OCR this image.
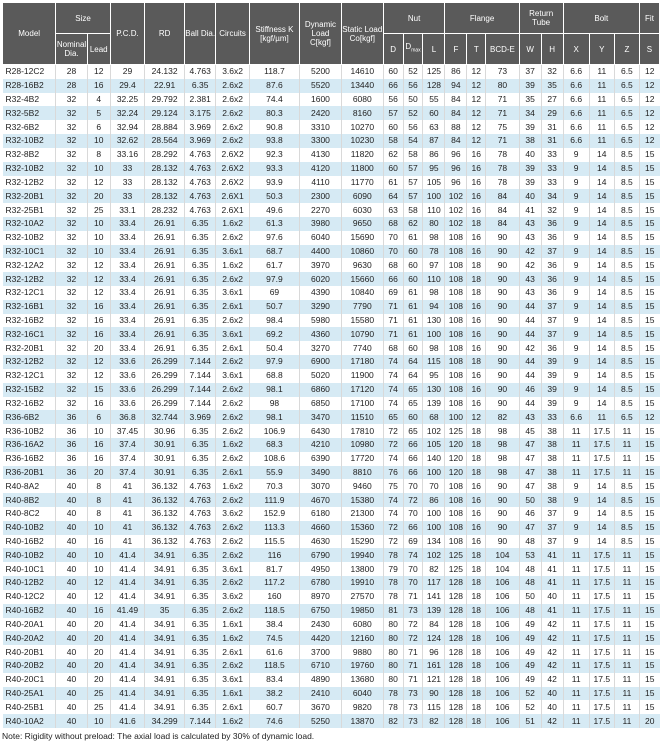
Model	Size		P.C.D.	RD	Ball Dia.	Circuits	Stiffness K [kgf/µm]	Dynamic Load C[kgf]	Static Load Co[kgf]	Nut			Flange			Return Tube		Bolt			Fit
	Nominal Dia.	Lead								D	$D_{max}$	L	F	T	BCD-E	W	H	X	Y	Z	S
R28-12C2	28	12	29	24.132	4.763	3.6x2	118.7	5200	14610	60	52	125	86	12	73	37	32	6.6	11	6.5	12
R28-16B2	28	16	29.4	22.91	6.35	2.6x2	87.6	5520	13440	66	56	128	94	12	80	39	35	6.6	11	6.5	12
R32-4B2	32	4	32.25	29.792	2.381	2.6x2	74.4	1600	6080	56	50	55	84	12	71	35	27	6.6	11	6.5	12
R32-5B2	32	5	32.24	29.124	3.175	2.6x2	80.3	2420	8160	57	52	60	84	12	71	34	29	6.6	11	6.5	12
R32-6B2	32	6	32.94	28.884	3.969	2.6x2	90.8	3310	10270	60	56	63	88	12	75	39	31	6.6	11	6.5	12
R32-10B2	32	10	32.62	28.564	3.969	2.6x2	93.8	3300	10230	58	54	87	84	12	71	38	31	6.6	11	6.5	12
R32-8B2	32	8	33.16	28.292	4.763	2.6X2	92.3	4130	11820	62	58	86	96	16	78	40	33	9	14	8.5	15
R32-10B2	32	10	33	28.132	4.763	2.6X2	93.3	4120	11800	60	57	95	96	16	78	39	33	9	14	8.5	15
R32-12B2	32	12	33	28.132	4.763	2.6X2	93.9	4110	11770	61	57	105	96	16	78	39	33	9	14	8.5	15
R32-20B1	32	20	33	28.132	4.763	2.6X1	50.3	2300	6090	64	57	100	102	16	84	40	34	9	14	8.5	15
R32-25B1	32	25	33.1	28.232	4.763	2.6X1	49.6	2270	6030	63	58	110	102	16	84	41	32	9	14	8.5	15
R32-10A2	32	10	33.4	26.91	6.35	1.6x2	61.3	3980	9650	68	62	80	102	18	84	43	36	9	14	8.5	15
R32-10B2	32	10	33.4	26.91	6.35	2.6x2	97.6	6040	15690	70	61	98	108	16	90	43	36	9	14	8.5	15
R32-10C1	32	10	33.4	26.91	6.35	3.6x1	68.7	4400	10860	70	60	78	108	16	90	42	37	9	14	8.5	15
R32-12A2	32	12	33.4	26.91	6.35	1.6x2	61.7	3970	9630	68	60	97	108	18	90	42	36	9	14	8.5	15
R32-12B2	32	12	33.4	26.91	6.35	2.6x2	97.9	6020	15660	66	60	110	108	18	90	43	36	9	14	8.5	15
R32-12C1	32	12	33.4	26.91	6.35	3.6x1	69	4390	10840	69	61	98	108	18	90	43	36	9	14	8.5	15
R32-16B1	32	16	33.4	26.91	6.35	2.6x1	50.7	3290	7790	71	61	94	108	16	90	44	37	9	14	8.5	15
R32-16B2	32	16	33.4	26.91	6.35	2.6x2	98.4	5980	15580	71	61	130	108	16	90	44	37	9	14	8.5	15
R32-16C1	32	16	33.4	26.91	6.35	3.6x1	69.2	4360	10790	71	61	100	108	16	90	44	37	9	14	8.5	15
R32-20B1	32	20	33.4	26.91	6.35	2.6x1	50.4	3270	7740	68	60	98	108	16	90	42	36	9	14	8.5	15
R32-12B2	32	12	33.6	26.299	7.144	2.6x2	97.9	6900	17180	74	64	115	108	18	90	44	39	9	14	8.5	15
R32-12C1	32	12	33.6	26.299	7.144	3.6x1	68.8	5020	11900	74	64	95	108	16	90	44	39	9	14	8.5	15
R32-15B2	32	15	33.6	26.299	7.144	2.6x2	98.1	6860	17120	74	65	130	108	16	90	46	39	9	14	8.5	15
R32-16B2	32	16	33.6	26.299	7.144	2.6x2	98	6850	17100	74	65	139	108	16	90	44	39	9	14	8.5	15
R36-6B2	36	6	36.8	32.744	3.969	2.6x2	98.1	3470	11510	65	60	68	100	12	82	43	33	6.6	11	6.5	12
R36-10B2	36	10	37.45	30.96	6.35	2.6x2	106.9	6430	17810	72	65	102	125	18	98	45	38	11	17.5	11	15
R36-16A2	36	16	37.4	30.91	6.35	1.6x2	68.3	4210	10980	72	66	105	120	18	98	47	38	11	17.5	11	15
R36-16B2	36	16	37.4	30.91	6.35	2.6x2	108.6	6390	17720	74	66	140	120	18	98	47	38	11	17.5	11	15
R36-20B1	36	20	37.4	30.91	6.35	2.6x1	55.9	3490	8810	76	66	100	120	18	98	47	38	11	17.5	11	15
R40-8A2	40	8	41	36.132	4.763	1.6x2	70.3	3070	9460	75	70	70	108	16	90	47	38	9	14	8.5	15
R40-8B2	40	8	41	36.132	4.763	2.6x2	111.9	4670	15380	74	72	86	108	16	90	50	38	9	14	8.5	15
R40-8C2	40	8	41	36.132	4.763	3.6x2	152.9	6180	21300	74	70	100	108	16	90	46	37	9	14	8.5	15
R40-10B2	40	10	41	36.132	4.763	2.6x2	113.3	4660	15360	72	66	100	108	16	90	47	37	9	14	8.5	15
R40-16B2	40	16	41	36.132	4.763	2.6x2	115.5	4630	15290	72	69	134	108	16	90	48	37	9	14	8.5	15
R40-10B2	40	10	41.4	34.91	6.35	2.6x2	116	6790	19940	78	74	102	125	18	104	53	41	11	17.5	11	15
R40-10C1	40	10	41.4	34.91	6.35	3.6x1	81.7	4950	13800	79	70	82	125	18	104	48	41	11	17.5	11	15
R40-12B2	40	12	41.4	34.91	6.35	2.6x2	117.2	6780	19910	78	70	117	128	18	106	48	41	11	17.5	11	15
R40-12C2	40	12	41.4	34.91	6.35	3.6x2	160	8970	27570	78	71	141	128	18	106	50	40	11	17.5	11	15
R40-16B2	40	16	41.49	35	6.35	2.6x2	118.5	6750	19850	81	73	139	128	18	106	48	41	11	17.5	11	15
R40-20A1	40	20	41.4	34.91	6.35	1.6x1	38.4	2430	6080	80	72	84	128	18	106	49	42	11	17.5	11	15
R40-20A2	40	20	41.4	34.91	6.35	1.6x2	74.5	4420	12160	80	72	124	128	18	106	49	42	11	17.5	11	15
R40-20B1	40	20	41.4	34.91	6.35	2.6x1	61.6	3700	9880	80	71	96	128	18	106	49	42	11	17.5	11	15
R40-20B2	40	20	41.4	34.91	6.35	2.6x2	118.5	6710	19760	80	71	161	128	18	106	49	42	11	17.5	11	15
R40-20C1	40	20	41.4	34.91	6.35	3.6x1	83.4	4890	13680	80	71	121	128	18	106	49	42	11	17.5	11	15
R40-25A1	40	25	41.4	34.91	6.35	1.6x1	38.2	2410	6040	78	73	90	128	18	106	52	40	11	17.5	11	15
R40-25B1	40	25	41.4	34.91	6.35	2.6x1	60.7	3670	9820	78	73	115	128	18	106	52	40	11	17.5	11	15
R40-10A2	40	10	41.6	34.299	7.144	1.6x2	74.6	5250	13870	82	73	82	128	18	106	51	42	11	17.5	11	20
Note: Rigidity without preload: The axial load is calculated by 30% of dynamic load.
